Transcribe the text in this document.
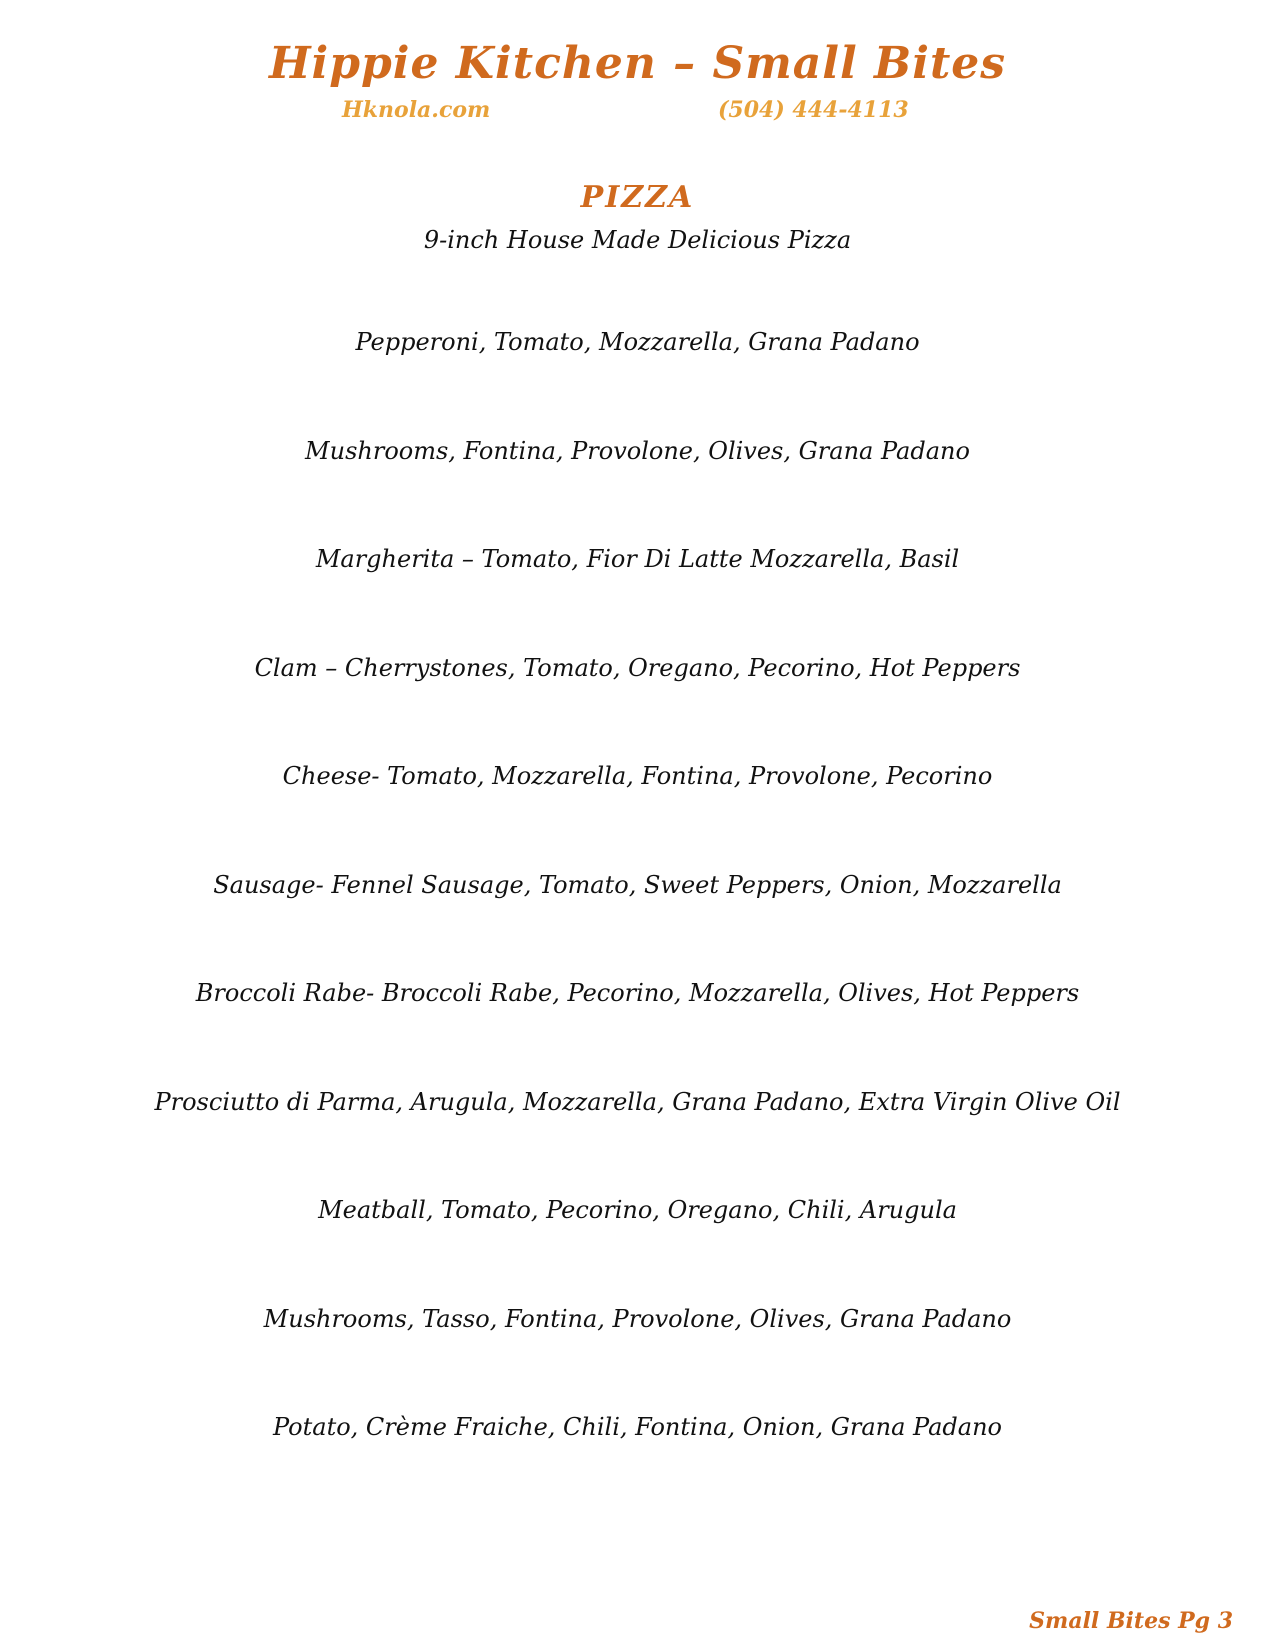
Hippie Kitchen – Small Bites
Hknola.com	(504) 444-4113
PIZZA
9-inch House Made Delicious Pizza
Pepperoni, Tomato, Mozzarella, Grana Padano
Mushrooms, Fontina, Provolone, Olives, Grana Padano
Margherita – Tomato, Fior Di Latte Mozzarella, Basil
Clam – Cherrystones, Tomato, Oregano, Pecorino, Hot Peppers
Cheese- Tomato, Mozzarella, Fontina, Provolone, Pecorino
Sausage- Fennel Sausage, Tomato, Sweet Peppers, Onion, Mozzarella
Broccoli Rabe- Broccoli Rabe, Pecorino, Mozzarella, Olives, Hot Peppers
Prosciutto di Parma, Arugula, Mozzarella, Grana Padano, Extra Virgin Olive Oil
Meatball, Tomato, Pecorino, Oregano, Chili, Arugula
Mushrooms, Tasso, Fontina, Provolone, Olives, Grana Padano
Potato, Crème Fraiche, Chili, Fontina, Onion, Grana Padano
Small Bites Pg 3
